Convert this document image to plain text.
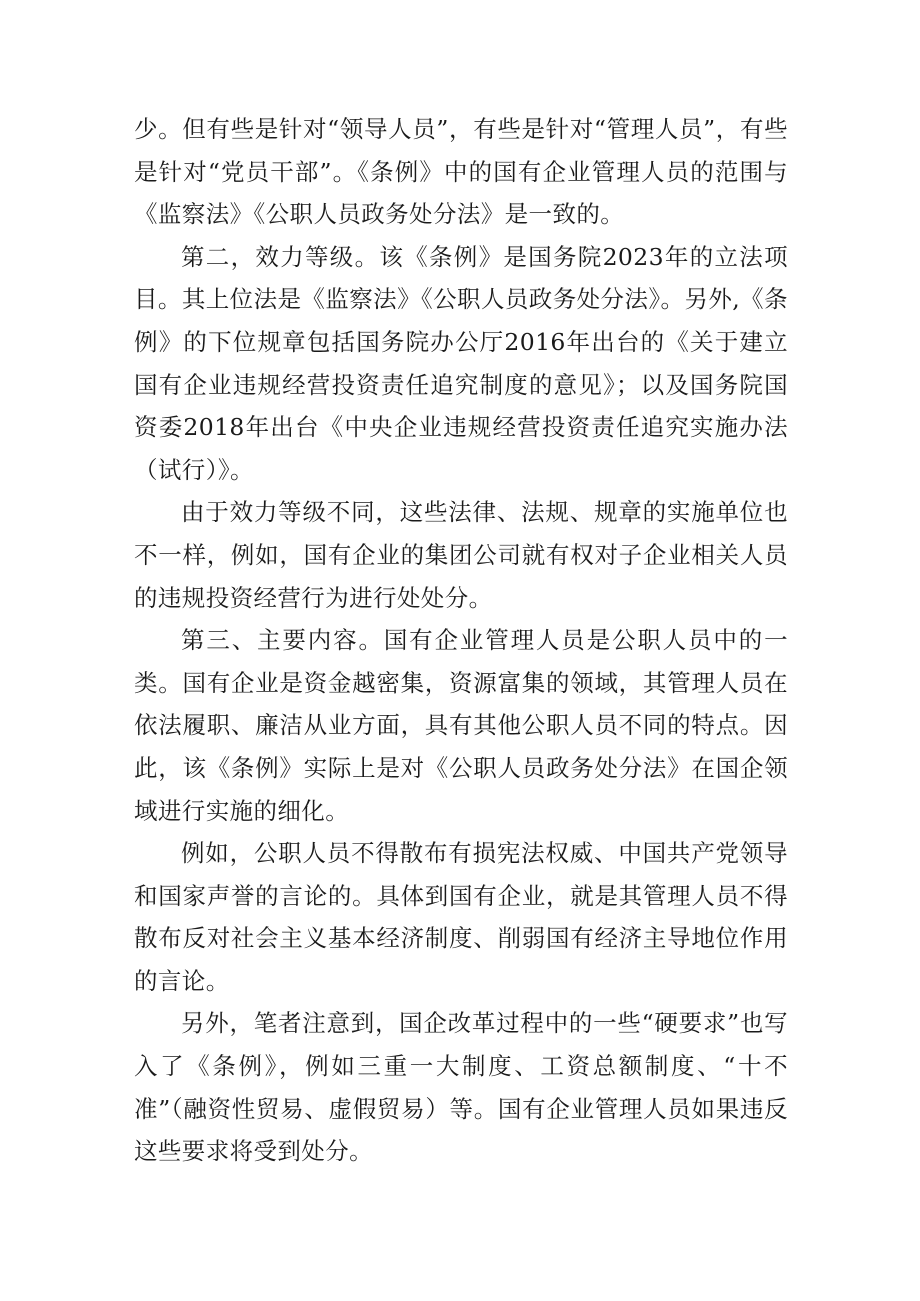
少。但有些是针对“领导人员”，有些是针对“管理人员”，有些是针对“党员干部”。《条例》中的国有企业管理人员的范围与《监察法》《公职人员政务处分法》是一致的。

第二，效力等级。该《条例》是国务院2023年的立法项目。其上位法是《监察法》《公职人员政务处分法》。另外,《条例》的下位规章包括国务院办公厅2016年出台的《关于建立国有企业违规经营投资责任追究制度的意见》；以及国务院国资委2018年出台《中央企业违规经营投资责任追究实施办法（试行）》。

由于效力等级不同，这些法律、法规、规章的实施单位也不一样，例如，国有企业的集团公司就有权对子企业相关人员的违规投资经营行为进行处处分。

第三、主要内容。国有企业管理人员是公职人员中的一类。国有企业是资金越密集，资源富集的领域，其管理人员在依法履职、廉洁从业方面，具有其他公职人员不同的特点。因此，该《条例》实际上是对《公职人员政务处分法》在国企领域进行实施的细化。

例如，公职人员不得散布有损宪法权威、中国共产党领导和国家声誉的言论的。具体到国有企业，就是其管理人员不得散布反对社会主义基本经济制度、削弱国有经济主导地位作用的言论。

另外，笔者注意到，国企改革过程中的一些“硬要求”也写入了《条例》，例如三重一大制度、工资总额制度、“十不准”（融资性贸易、虚假贸易）等。国有企业管理人员如果违反这些要求将受到处分。
